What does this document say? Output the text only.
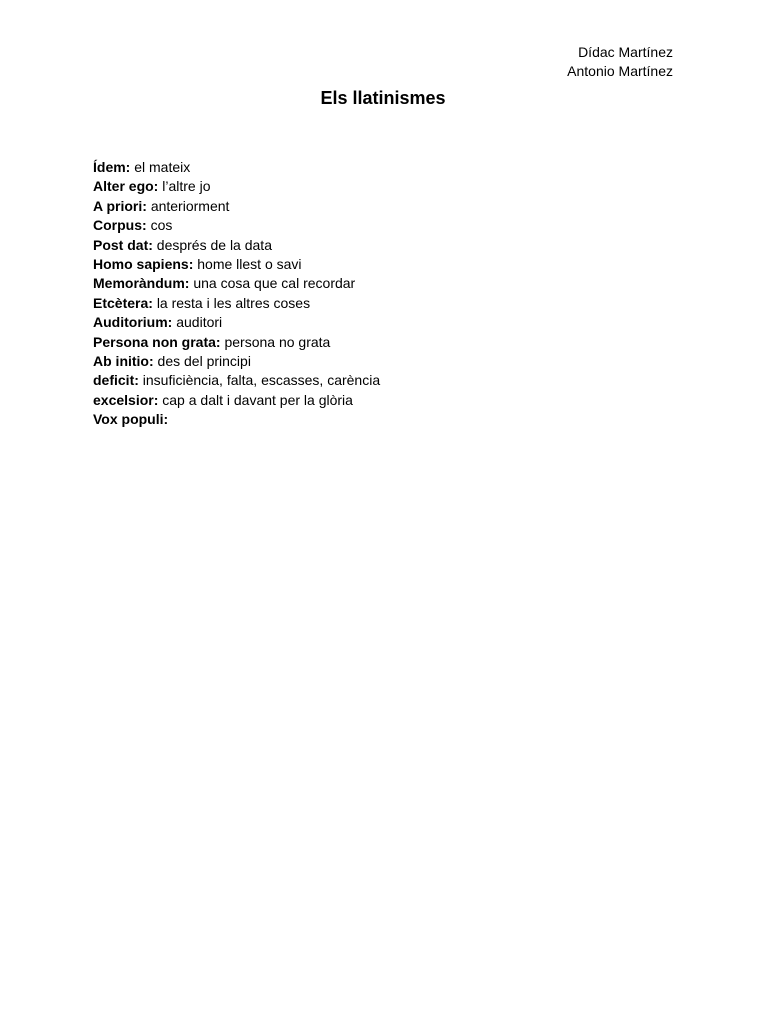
Dídac Martínez
Antonio Martínez
Els llatinismes
Ídem: el mateix
Alter ego: l’altre jo
A priori: anteriorment
Corpus: cos
Post dat: després de la data
Homo sapiens: home llest o savi
Memoràndum: una cosa que cal recordar
Etcètera: la resta i les altres coses
Auditorium: auditori
Persona non grata: persona no grata
Ab initio: des del principi
deficit: insuficiència, falta, escasses, carència
excelsior: cap a dalt i davant per la glòria
Vox populi:
